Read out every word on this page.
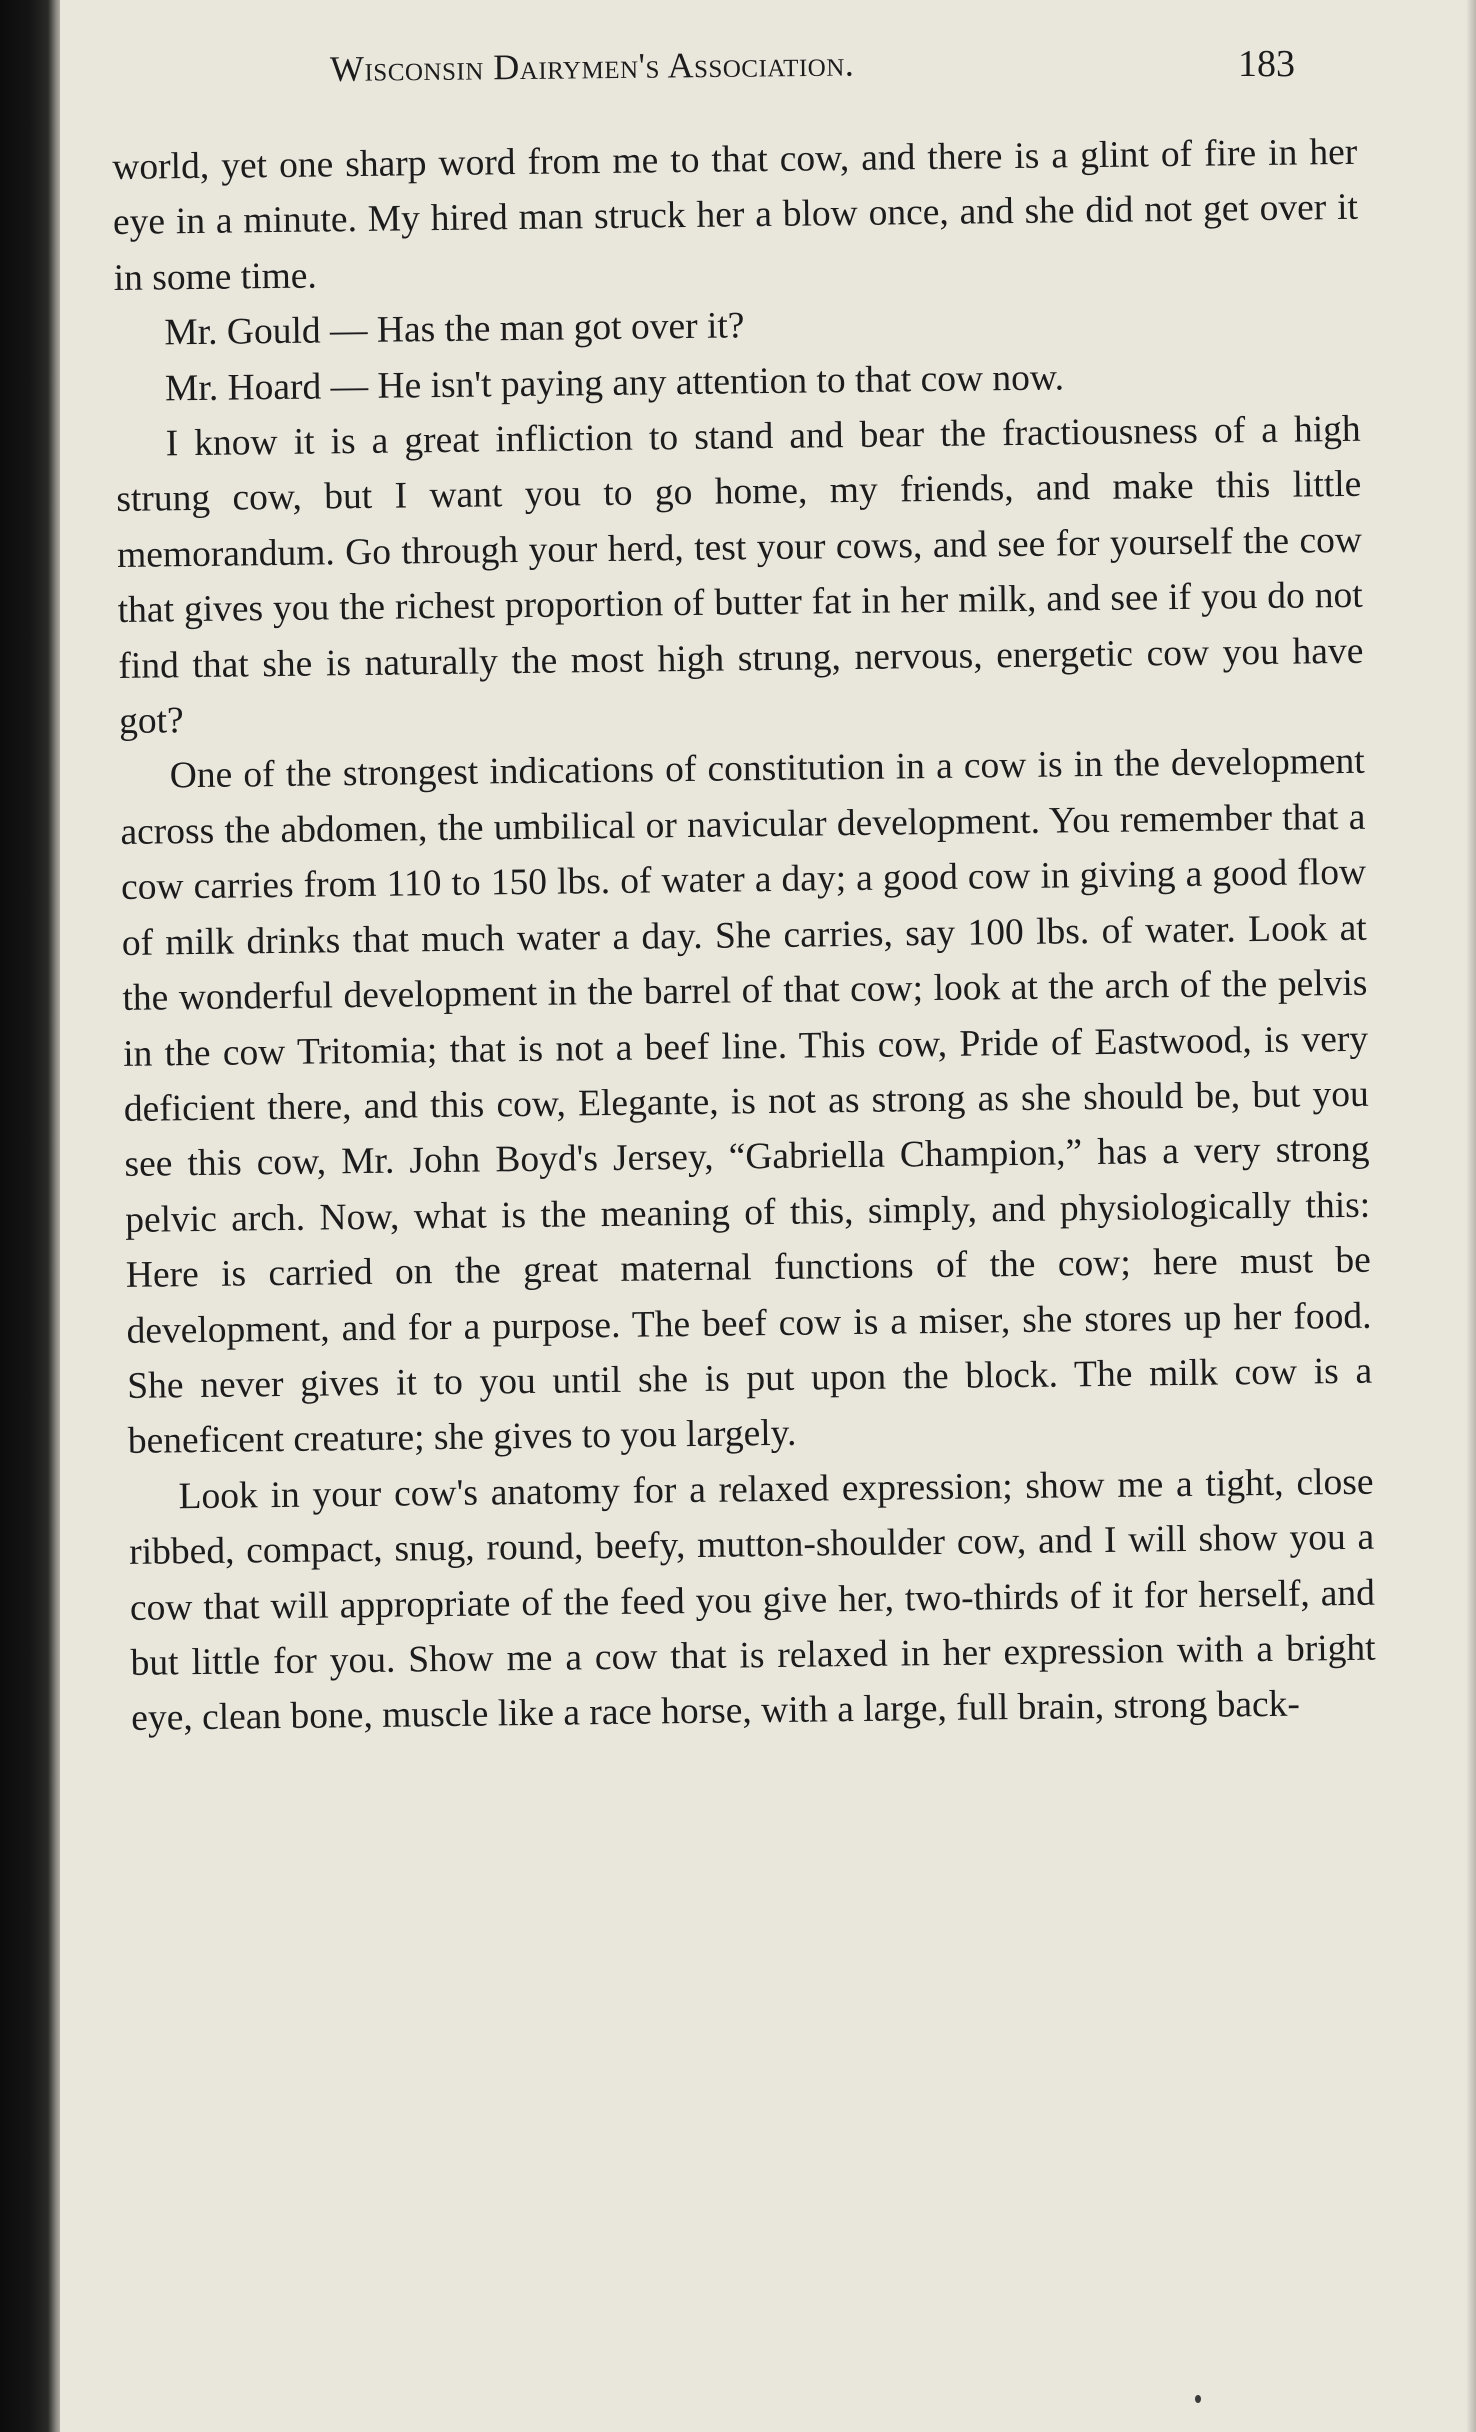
Wisconsin Dairymen's Association.	183

world, yet one sharp word from me to that cow, and there is a glint of fire in her eye in a minute. My hired man struck her a blow once, and she did not get over it in some time.

Mr. Gould — Has the man got over it?

Mr. Hoard — He isn't paying any attention to that cow now.

I know it is a great infliction to stand and bear the fractiousness of a high strung cow, but I want you to go home, my friends, and make this little memorandum. Go through your herd, test your cows, and see for yourself the cow that gives you the richest proportion of butter fat in her milk, and see if you do not find that she is naturally the most high strung, nervous, energetic cow you have got?

One of the strongest indications of constitution in a cow is in the development across the abdomen, the umbilical or navicular development. You remember that a cow carries from 110 to 150 lbs. of water a day; a good cow in giving a good flow of milk drinks that much water a day. She carries, say 100 lbs. of water. Look at the wonderful development in the barrel of that cow; look at the arch of the pelvis in the cow Tritomia; that is not a beef line. This cow, Pride of Eastwood, is very deficient there, and this cow, Elegante, is not as strong as she should be, but you see this cow, Mr. John Boyd's Jersey, “Gabriella Champion,” has a very strong pelvic arch. Now, what is the meaning of this, simply, and physiologically this: Here is carried on the great maternal functions of the cow; here must be development, and for a purpose. The beef cow is a miser, she stores up her food. She never gives it to you until she is put upon the block. The milk cow is a beneficent creature; she gives to you largely.

Look in your cow's anatomy for a relaxed expression; show me a tight, close ribbed, compact, snug, round, beefy, mutton-shoulder cow, and I will show you a cow that will appropriate of the feed you give her, two-thirds of it for herself, and but little for you. Show me a cow that is relaxed in her expression with a bright eye, clean bone, muscle like a race horse, with a large, full brain, strong back-
